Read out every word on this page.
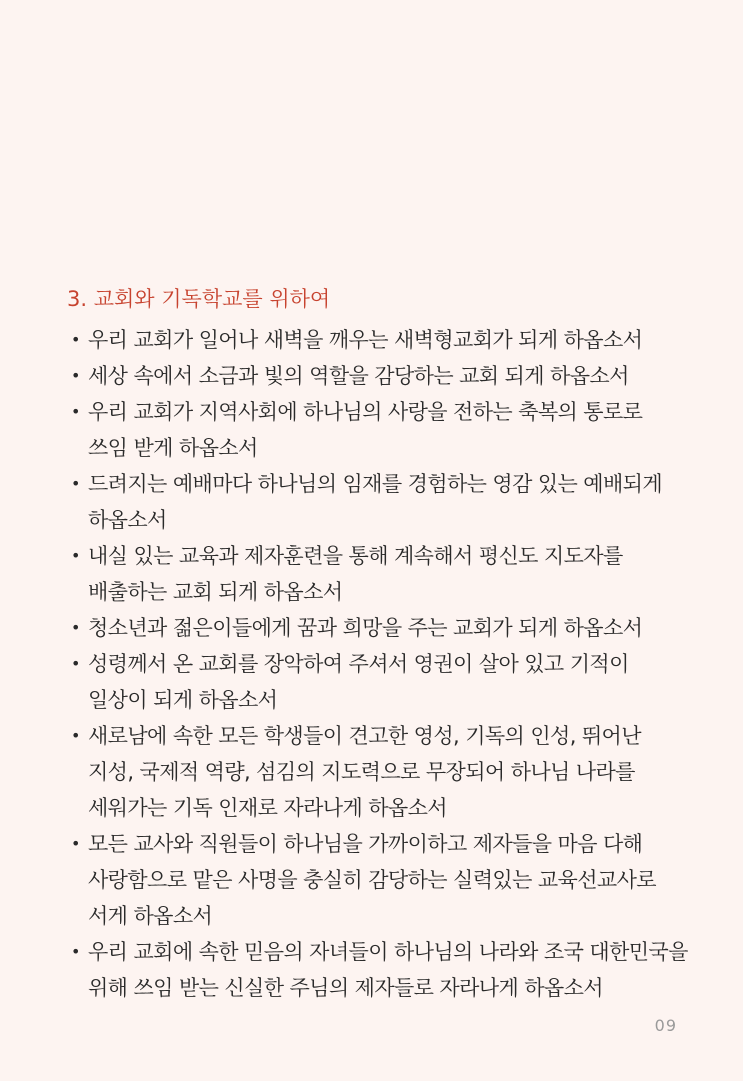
3. 교회와 기독학교를 위하여
• 우리 교회가 일어나 새벽을 깨우는 새벽형교회가 되게 하옵소서
• 세상 속에서 소금과 빛의 역할을 감당하는 교회 되게 하옵소서
• 우리 교회가 지역사회에 하나님의 사랑을 전하는 축복의 통로로
쓰임 받게 하옵소서
• 드려지는 예배마다 하나님의 임재를 경험하는 영감 있는 예배되게
하옵소서
• 내실 있는 교육과 제자훈련을 통해 계속해서 평신도 지도자를
배출하는 교회 되게 하옵소서
• 청소년과 젊은이들에게 꿈과 희망을 주는 교회가 되게 하옵소서
• 성령께서 온 교회를 장악하여 주셔서 영권이 살아 있고 기적이
일상이 되게 하옵소서
• 새로남에 속한 모든 학생들이 견고한 영성, 기독의 인성, 뛰어난
지성, 국제적 역량, 섬김의 지도력으로 무장되어 하나님 나라를
세워가는 기독 인재로 자라나게 하옵소서
• 모든 교사와 직원들이 하나님을 가까이하고 제자들을 마음 다해
사랑함으로 맡은 사명을 충실히 감당하는 실력있는 교육선교사로
서게 하옵소서
• 우리 교회에 속한 믿음의 자녀들이 하나님의 나라와 조국 대한민국을
위해 쓰임 받는 신실한 주님의 제자들로 자라나게 하옵소서
09
